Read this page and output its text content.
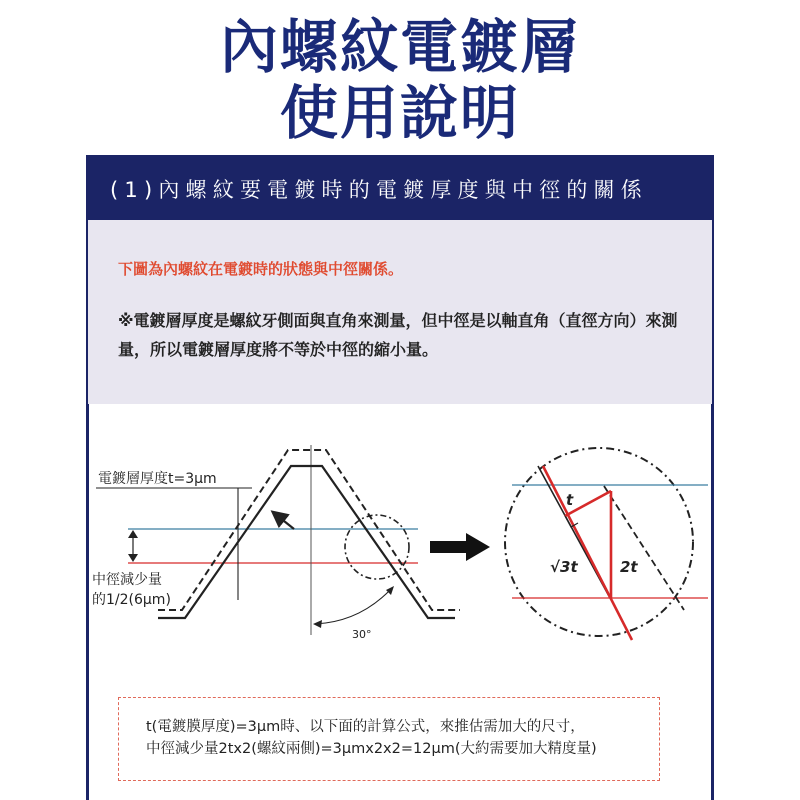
內螺紋電鍍層
使用說明
(1)內螺紋要電鍍時的電鍍厚度與中徑的關係
下圖為內螺紋在電鍍時的狀態與中徑關係。
※電鍍層厚度是螺紋牙側面與直角來測量，但中徑是以軸直角（直徑方向）來測量，所以電鍍層厚度將不等於中徑的縮小量。
電鍍層厚度t=3μm
中徑減少量
的1/2(6μm)
30°
t
√3t	2t
t(電鍍膜厚度)=3μm時、以下面的計算公式，來推估需加大的尺寸，
中徑減少量2tx2(螺紋兩側)=3μmx2x2=12μm(大約需要加大精度量)
